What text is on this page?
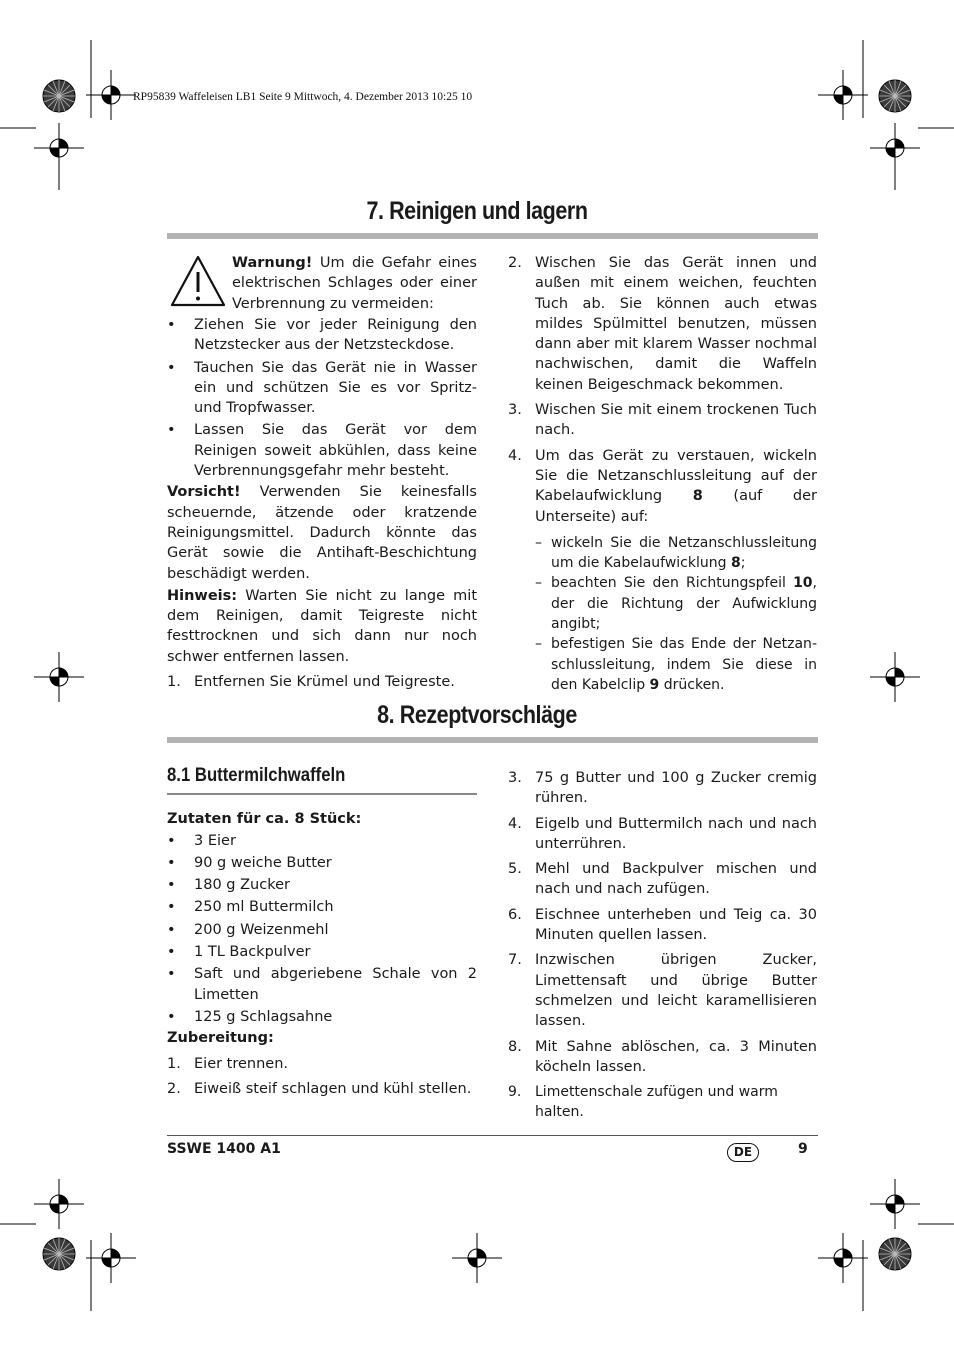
RP95839 Waffeleisen LB1 Seite 9 Mittwoch, 4. Dezember 2013 10:25 10
7. Reinigen und lagern

Warnung! Um die Gefahr eines elektrischen Schlages oder einer Verbrennung zu vermeiden:

• Ziehen Sie vor jeder Reinigung den Netzstecker aus der Netzsteckdose.
• Tauchen Sie das Gerät nie in Wasser ein und schützen Sie es vor Spritz- und Tropfwasser.
• Lassen Sie das Gerät vor dem Reinigen soweit abkühlen, dass keine Verbrennungsgefahr mehr besteht.

Vorsicht! Verwenden Sie keinesfalls scheuernde, ätzende oder kratzende Reinigungsmittel. Dadurch könnte das Gerät sowie die Antihaft-Beschichtung beschädigt werden.

Hinweis: Warten Sie nicht zu lange mit dem Reinigen, damit Teigreste nicht festtrocknen und sich dann nur noch schwer entfernen lassen.

1. Entfernen Sie Krümel und Teigreste.
2. Wischen Sie das Gerät innen und außen mit einem weichen, feuchten Tuch ab. Sie können auch etwas mildes Spülmittel benutzen, müssen dann aber mit klarem Wasser nochmal nachwischen, damit die Waffeln keinen Beigeschmack bekommen.
3. Wischen Sie mit einem trockenen Tuch nach.
4. Um das Gerät zu verstauen, wickeln Sie die Netzanschlussleitung auf der Kabelaufwicklung 8 (auf der Unterseite) auf:
– wickeln Sie die Netzanschlussleitung um die Kabelaufwicklung 8;
– beachten Sie den Richtungspfeil 10, der die Richtung der Aufwicklung angibt;
– befestigen Sie das Ende der Netzanschlussleitung, indem Sie diese in den Kabelclip 9 drücken.
8. Rezeptvorschläge
8.1 Buttermilchwaffeln

Zutaten für ca. 8 Stück:

• 3 Eier
• 90 g weiche Butter
• 180 g Zucker
• 250 ml Buttermilch
• 200 g Weizenmehl
• 1 TL Backpulver
• Saft und abgeriebene Schale von 2 Limetten
• 125 g Schlagsahne

Zubereitung:

1. Eier trennen.
2. Eiweiß steif schlagen und kühl stellen.
3. 75 g Butter und 100 g Zucker cremig rühren.
4. Eigelb und Buttermilch nach und nach unterrühren.
5. Mehl und Backpulver mischen und nach und nach zufügen.
6. Eischnee unterheben und Teig ca. 30 Minuten quellen lassen.
7. Inzwischen übrigen Zucker, Limettensaft und übrige Butter schmelzen und leicht karamellisieren lassen.
8. Mit Sahne ablöschen, ca. 3 Minuten köcheln lassen.
9. Limettenschale zufügen und warm halten.
SSWE 1400 A1	DE	9
